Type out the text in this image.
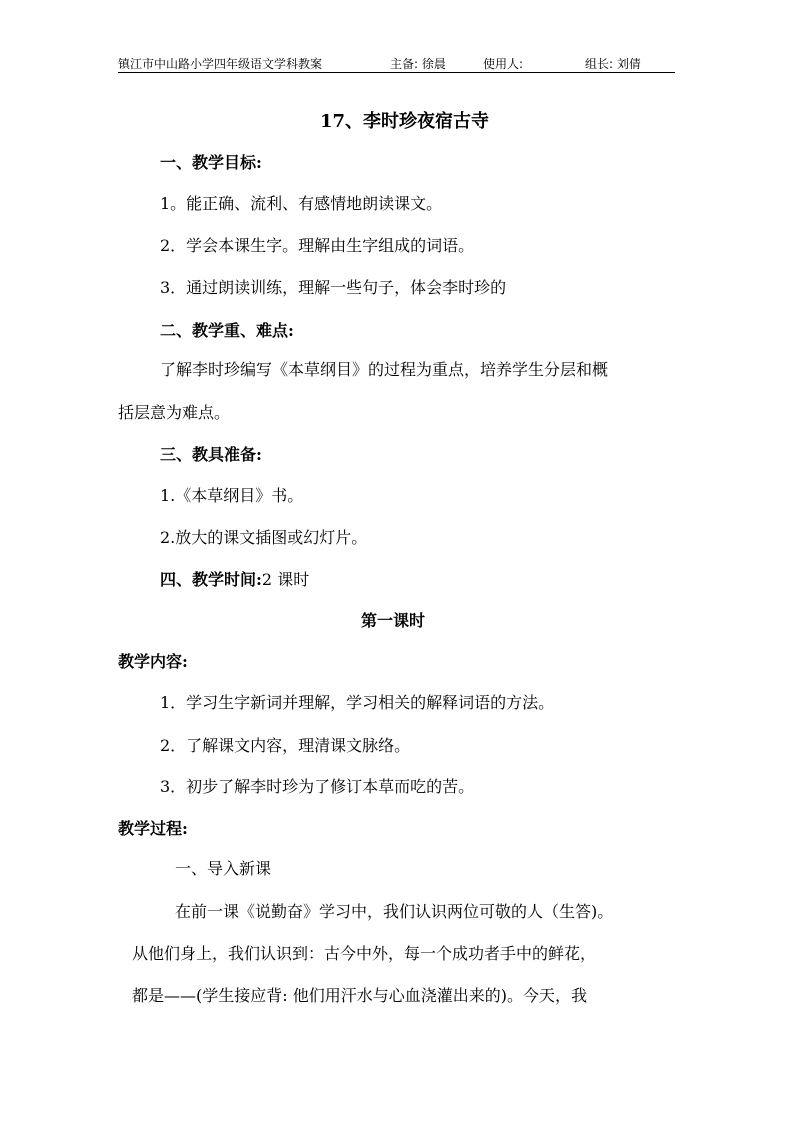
镇江市中山路小学四年级语文学科教案	主备: 徐晨	使用人:	组长: 刘倩
17、李时珍夜宿古寺
一、教学目标:
1。能正确、流利、有感情地朗读课文。
2．学会本课生字。理解由生字组成的词语。
3．通过朗读训练，理解一些句子，体会李时珍的
二、教学重、难点:
了解李时珍编写《本草纲目》的过程为重点，培养学生分层和概
括层意为难点。
三、教具准备:
1.《本草纲目》书。
2.放大的课文插图或幻灯片。
四、教学时间:2 课时
第一课时
教学内容:
1．学习生字新词并理解，学习相关的解释词语的方法。
2．了解课文内容，理清课文脉络。
3．初步了解李时珍为了修订本草而吃的苦。
教学过程:
一、导入新课
在前一课《说勤奋》学习中，我们认识两位可敬的人（生答)。
从他们身上，我们认识到：古今中外，每一个成功者手中的鲜花，
都是——(学生接应背: 他们用汗水与心血浇灌出来的)。今天，我
